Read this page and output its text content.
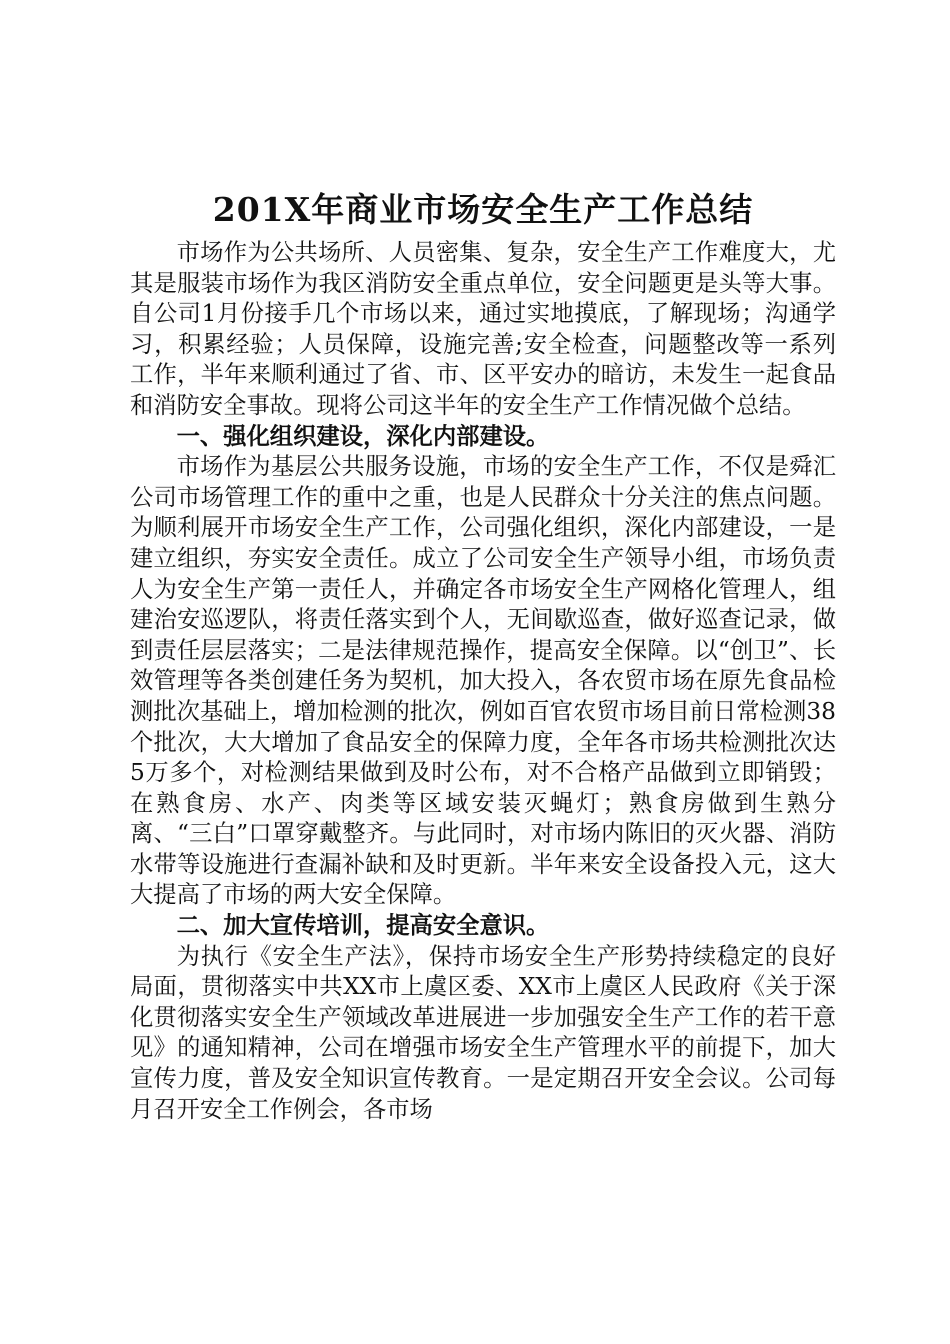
201X年商业市场安全生产工作总结

市场作为公共场所、人员密集、复杂，安全生产工作难度大，尤其是服装市场作为我区消防安全重点单位，安全问题更是头等大事。自公司1月份接手几个市场以来，通过实地摸底，了解现场；沟通学习，积累经验；人员保障，设施完善;安全检查，问题整改等一系列工作，半年来顺利通过了省、市、区平安办的暗访，未发生一起食品和消防安全事故。现将公司这半年的安全生产工作情况做个总结。

一、强化组织建设，深化内部建设。

市场作为基层公共服务设施，市场的安全生产工作，不仅是舜汇公司市场管理工作的重中之重，也是人民群众十分关注的焦点问题。为顺利展开市场安全生产工作，公司强化组织，深化内部建设，一是建立组织，夯实安全责任。成立了公司安全生产领导小组，市场负责人为安全生产第一责任人，并确定各市场安全生产网格化管理人，组建治安巡逻队，将责任落实到个人，无间歇巡查，做好巡查记录，做到责任层层落实；二是法律规范操作，提高安全保障。以“创卫”、长效管理等各类创建任务为契机，加大投入，各农贸市场在原先食品检测批次基础上，增加检测的批次，例如百官农贸市场目前日常检测38个批次，大大增加了食品安全的保障力度，全年各市场共检测批次达5万多个，对检测结果做到及时公布，对不合格产品做到立即销毁；在熟食房、水产、肉类等区域安装灭蝇灯；熟食房做到生熟分离、“三白”口罩穿戴整齐。与此同时，对市场内陈旧的灭火器、消防水带等设施进行查漏补缺和及时更新。半年来安全设备投入元，这大大提高了市场的两大安全保障。

二、加大宣传培训，提高安全意识。

为执行《安全生产法》，保持市场安全生产形势持续稳定的良好局面，贯彻落实中共XX市上虞区委、XX市上虞区人民政府《关于深化贯彻落实安全生产领域改革进展进一步加强安全生产工作的若干意见》的通知精神，公司在增强市场安全生产管理水平的前提下，加大宣传力度，普及安全知识宣传教育。一是定期召开安全会议。公司每月召开安全工作例会，各市场
